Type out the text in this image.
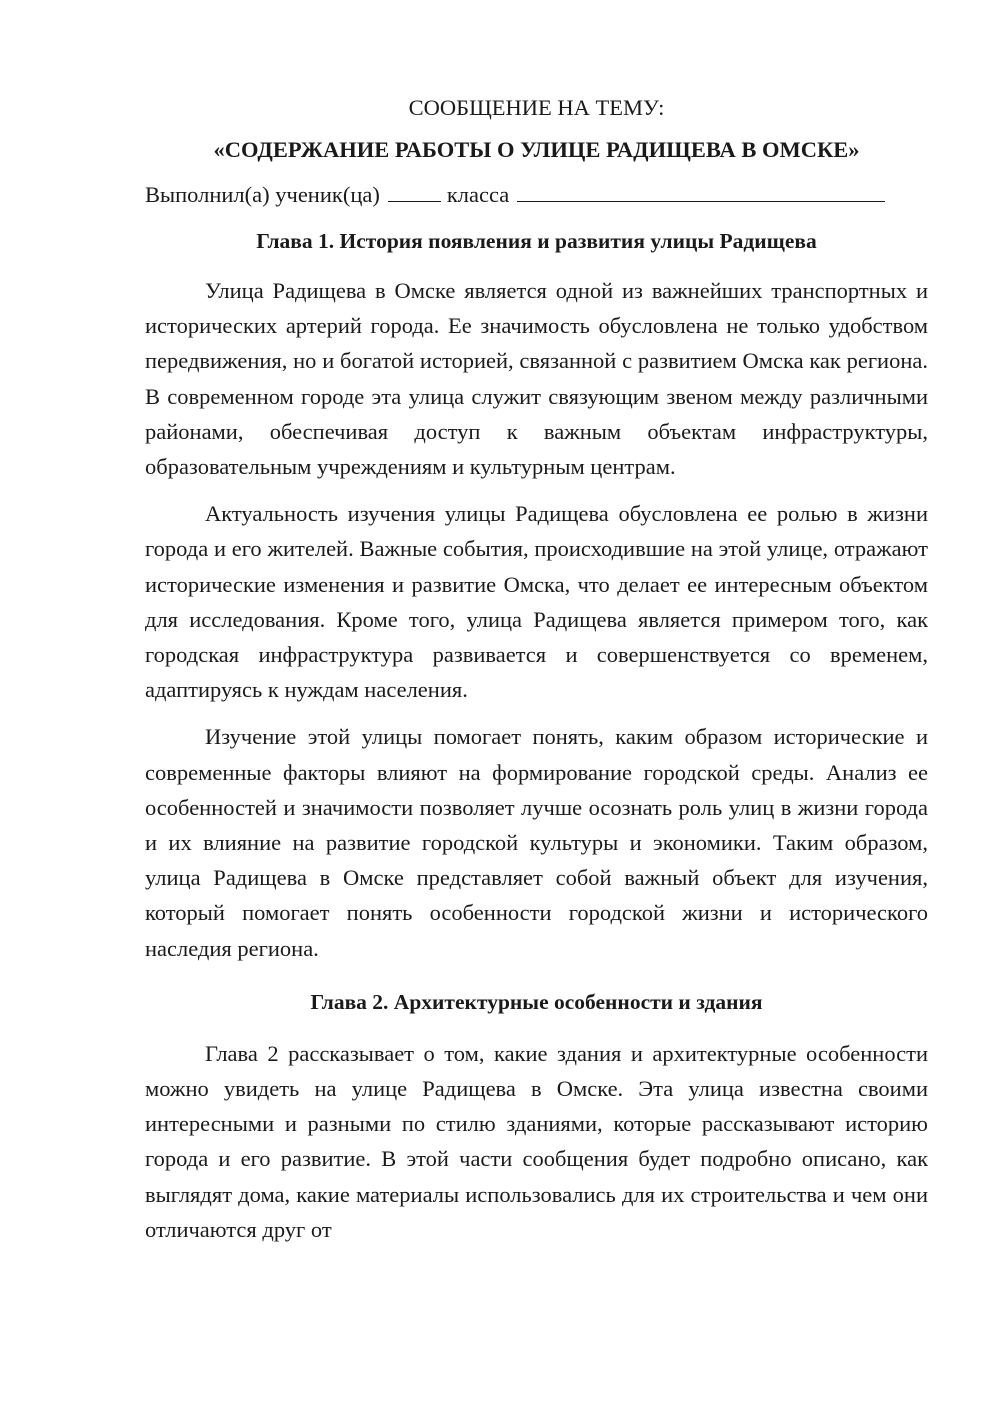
СООБЩЕНИЕ НА ТЕМУ:

«СОДЕРЖАНИЕ РАБОТЫ О УЛИЦЕ РАДИЩЕВА В ОМСКЕ»

Выполнил(а) ученик(ца)	класса

Глава 1. История появления и развития улицы Радищева

Улица Радищева в Омске является одной из важнейших транспортных и исторических артерий города. Ее значимость обусловлена не только удобством передвижения, но и богатой историей, связанной с развитием Омска как региона. В современном городе эта улица служит связующим звеном между различными районами, обеспечивая доступ к важным объектам инфраструктуры, образовательным учреждениям и культурным центрам.

Актуальность изучения улицы Радищева обусловлена ее ролью в жизни города и его жителей. Важные события, происходившие на этой улице, отражают исторические изменения и развитие Омска, что делает ее интересным объектом для исследования. Кроме того, улица Радищева является примером того, как городская инфраструктура развивается и совершенствуется со временем, адаптируясь к нуждам населения.

Изучение этой улицы помогает понять, каким образом исторические и современные факторы влияют на формирование городской среды. Анализ ее особенностей и значимости позволяет лучше осознать роль улиц в жизни города и их влияние на развитие городской культуры и экономики. Таким образом, улица Радищева в Омске представляет собой важный объект для изучения, который помогает понять особенности городской жизни и исторического наследия региона.

Глава 2. Архитектурные особенности и здания

Глава 2 рассказывает о том, какие здания и архитектурные особенности можно увидеть на улице Радищева в Омске. Эта улица известна своими интересными и разными по стилю зданиями, которые рассказывают историю города и его развитие. В этой части сообщения будет подробно описано, как выглядят дома, какие материалы использовались для их строительства и чем они отличаются друг от
